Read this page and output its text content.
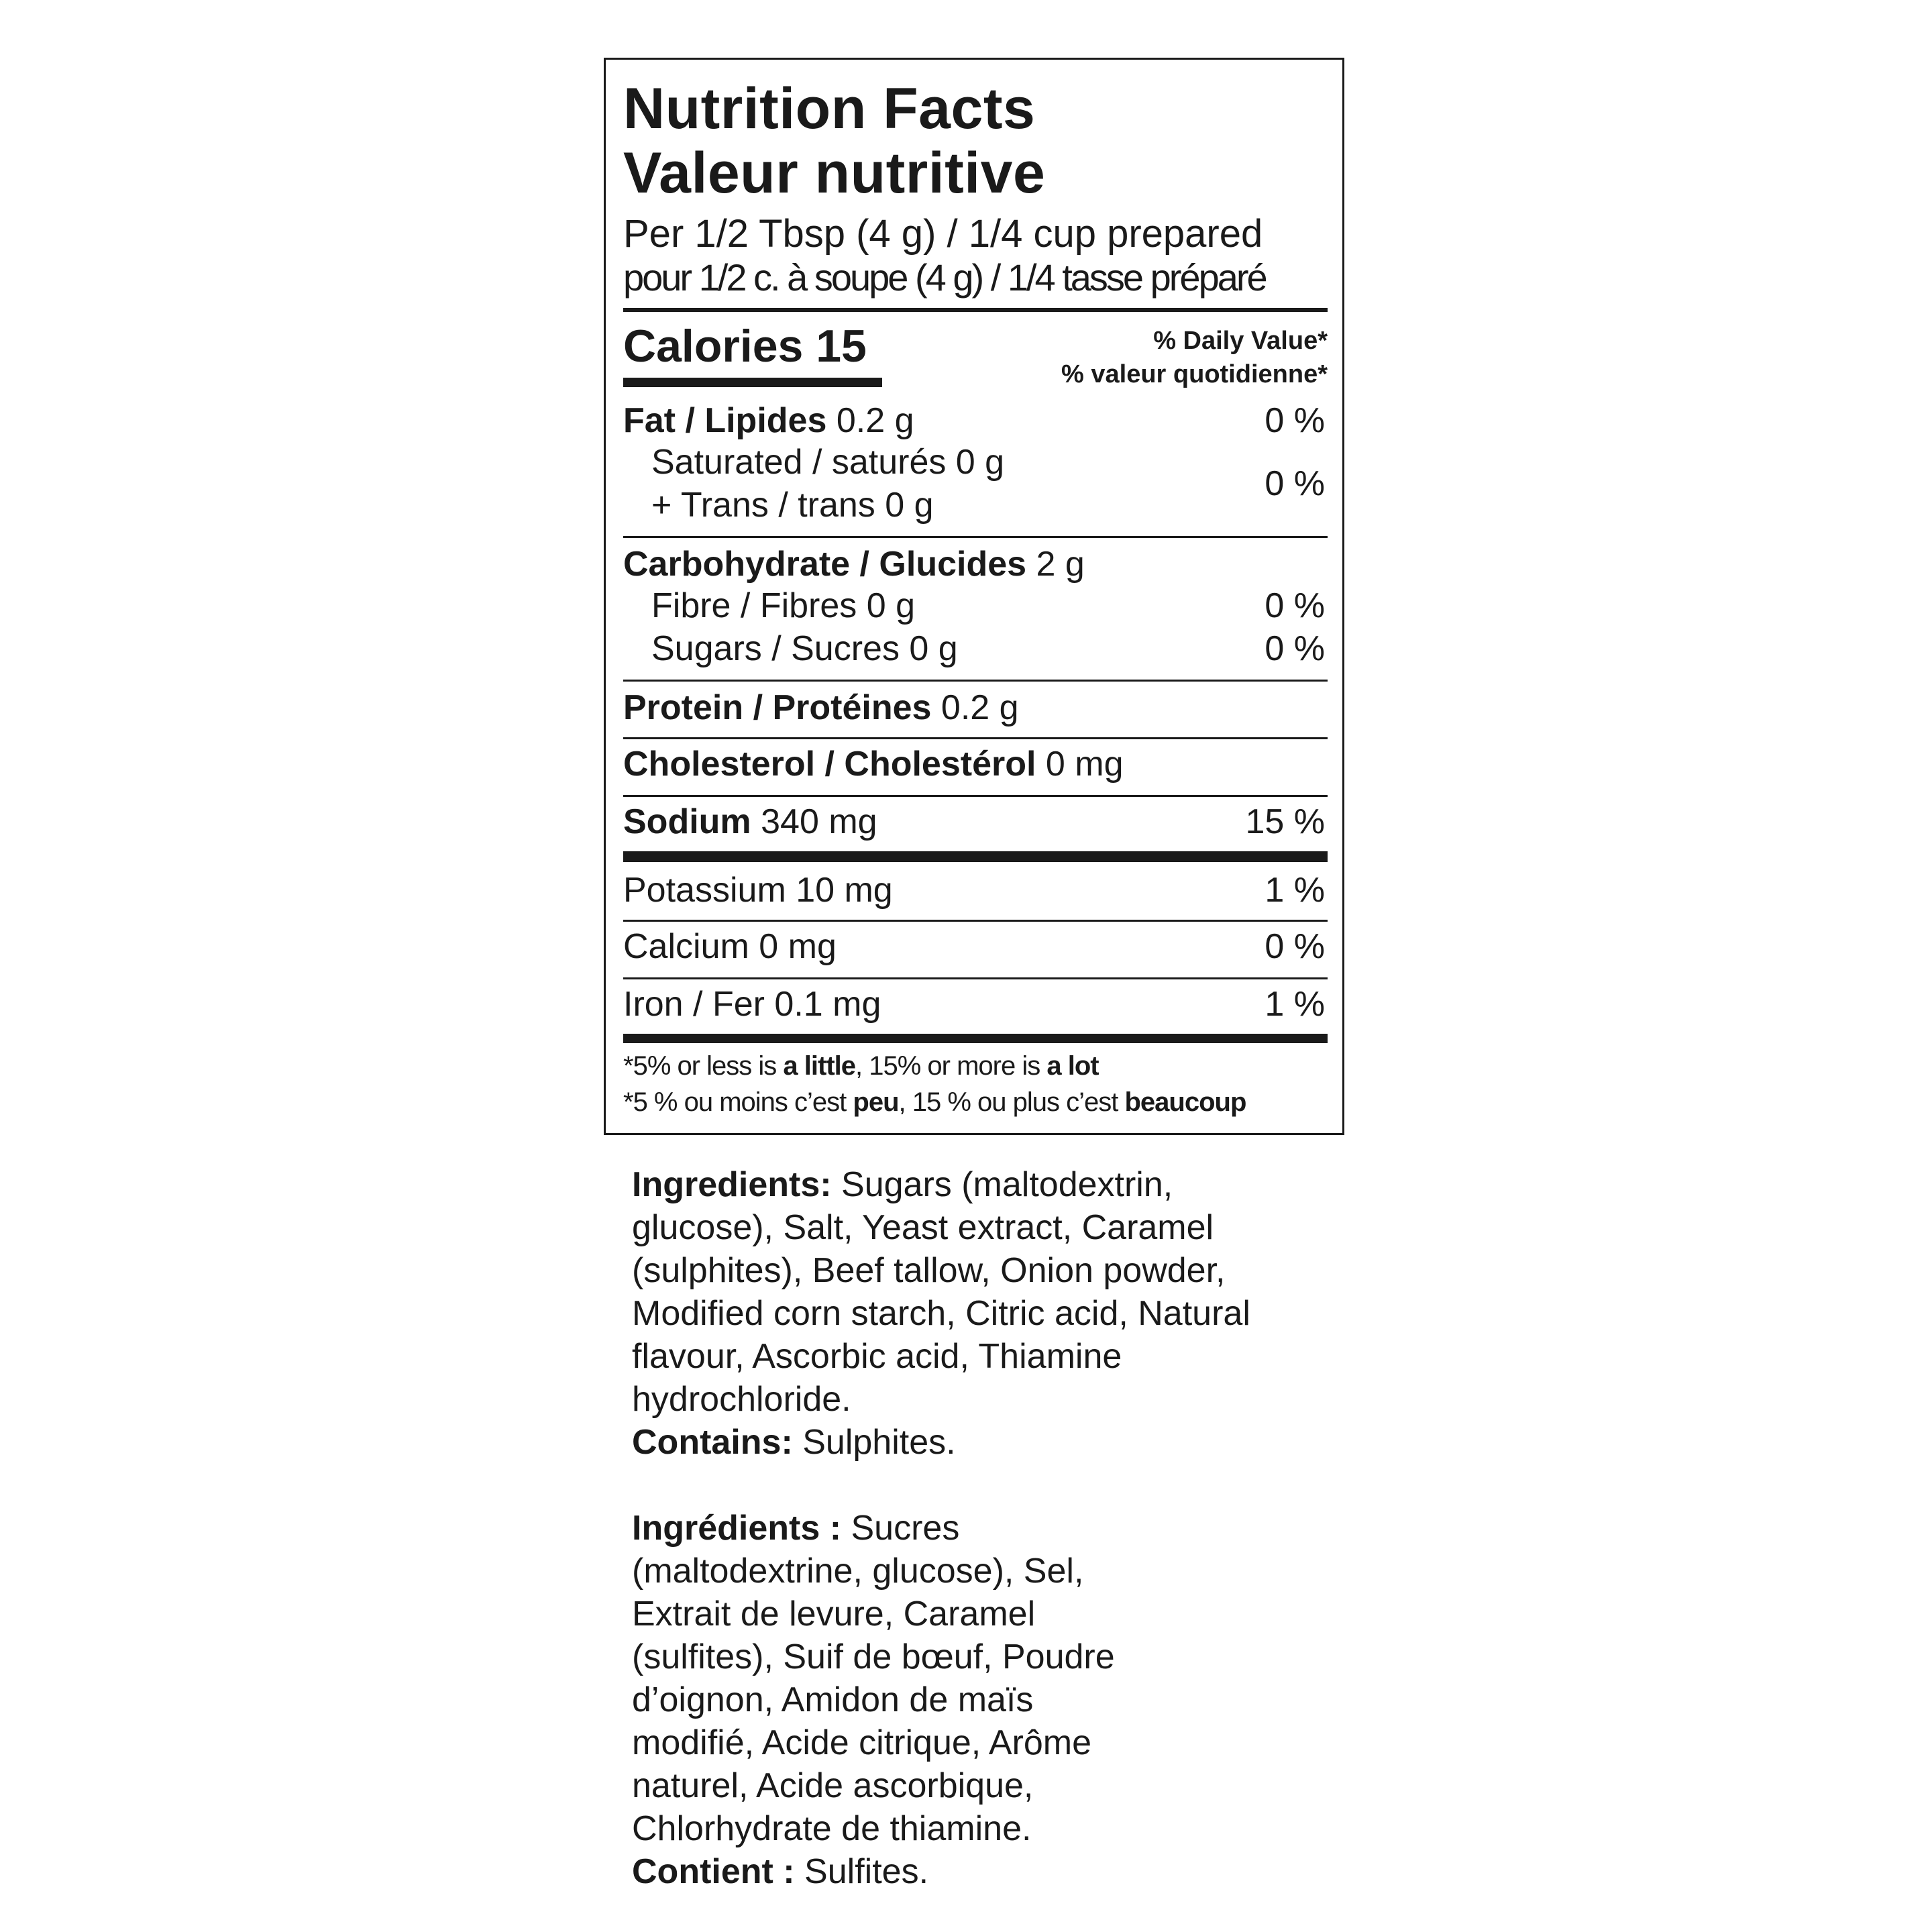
Nutrition Facts
Valeur nutritive
Per 1/2 Tbsp (4 g) / 1/4 cup prepared
pour 1/2 c. à soupe (4 g) / 1/4 tasse préparé
Calories 15	% Daily Value*
% valeur quotidienne*
Fat / Lipides 0.2 g	0 %
Saturated / saturés 0 g
+ Trans / trans 0 g
0 %
Carbohydrate / Glucides 2 g
Fibre / Fibres 0 g	0 %
Sugars / Sucres 0 g	0 %
Protein / Protéines 0.2 g
Cholesterol / Cholestérol 0 mg
Sodium 340 mg	15 %
Potassium 10 mg	1 %
Calcium 0 mg	0 %
Iron / Fer 0.1 mg	1 %
*5% or less is a little, 15% or more is a lot
*5 % ou moins c’est peu, 15 % ou plus c’est beaucoup

Ingredients: Sugars (maltodextrin,

glucose), Salt, Yeast extract, Caramel

(sulphites), Beef tallow, Onion powder,

Modified corn starch, Citric acid, Natural

flavour, Ascorbic acid, Thiamine

hydrochloride.

Contains: Sulphites.

Ingrédients : Sucres

(maltodextrine, glucose), Sel,

Extrait de levure, Caramel

(sulfites), Suif de bœuf, Poudre

d’oignon, Amidon de maïs

modifié, Acide citrique, Arôme

naturel, Acide ascorbique,

Chlorhydrate de thiamine.

Contient : Sulfites.
